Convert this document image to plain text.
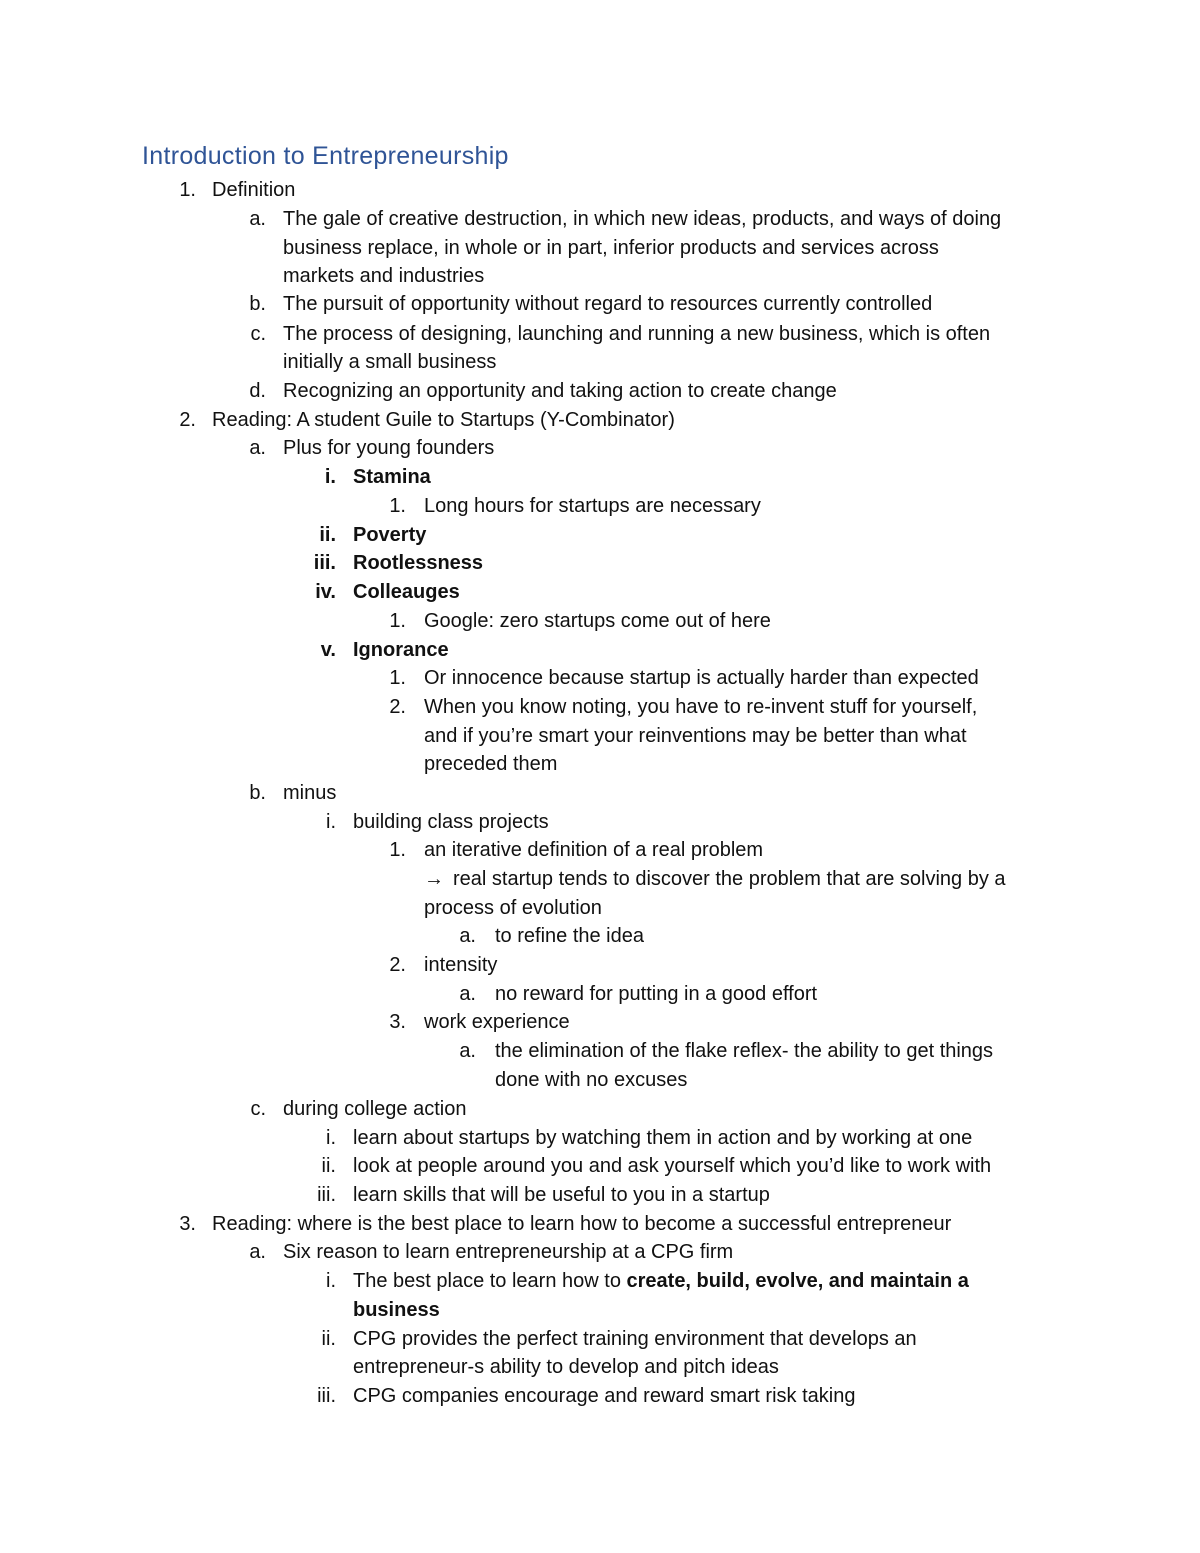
Introduction to Entrepreneurship
1. Definition
a. The gale of creative destruction, in which new ideas, products, and ways of doing
business replace, in whole or in part, inferior products and services across
markets and industries
b. The pursuit of opportunity without regard to resources currently controlled
c. The process of designing, launching and running a new business, which is often
initially a small business
d. Recognizing an opportunity and taking action to create change
2. Reading: A student Guile to Startups (Y-Combinator)
a. Plus for young founders
i. Stamina
1. Long hours for startups are necessary
ii. Poverty
iii. Rootlessness
iv. Colleauges
1. Google: zero startups come out of here
v. Ignorance
1. Or innocence because startup is actually harder than expected
2. When you know noting, you have to re-invent stuff for yourself,
and if you’re smart your reinventions may be better than what
preceded them
b. minus
i. building class projects
1. an iterative definition of a real problem
→ real startup tends to discover the problem that are solving by a
process of evolution
a. to refine the idea
2. intensity
a. no reward for putting in a good effort
3. work experience
a. the elimination of the flake reflex- the ability to get things
done with no excuses
c. during college action
i. learn about startups by watching them in action and by working at one
ii. look at people around you and ask yourself which you’d like to work with
iii. learn skills that will be useful to you in a startup
3. Reading: where is the best place to learn how to become a successful entrepreneur
a. Six reason to learn entrepreneurship at a CPG firm
i. The best place to learn how to create, build, evolve, and maintain a
business
ii. CPG provides the perfect training environment that develops an
entrepreneur-s ability to develop and pitch ideas
iii. CPG companies encourage and reward smart risk taking
